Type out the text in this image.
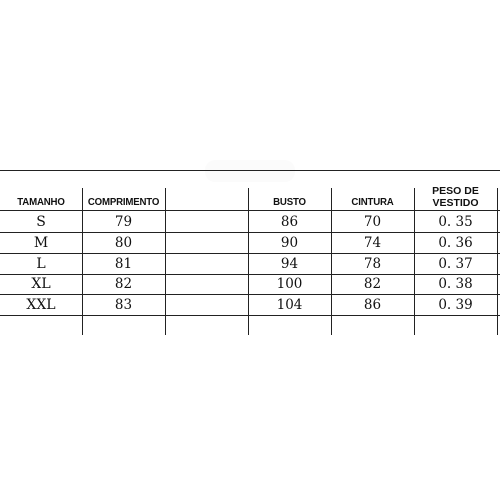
TAMANHO	COMPRIMENTO	BUSTO	CINTURA
PESO DE
VESTIDO
S	79	86	70	0. 35
M	80	90	74	0. 36
L	81	94	78	0. 37
XL	82	100	82	0. 38
XXL	83	104	86	0. 39
